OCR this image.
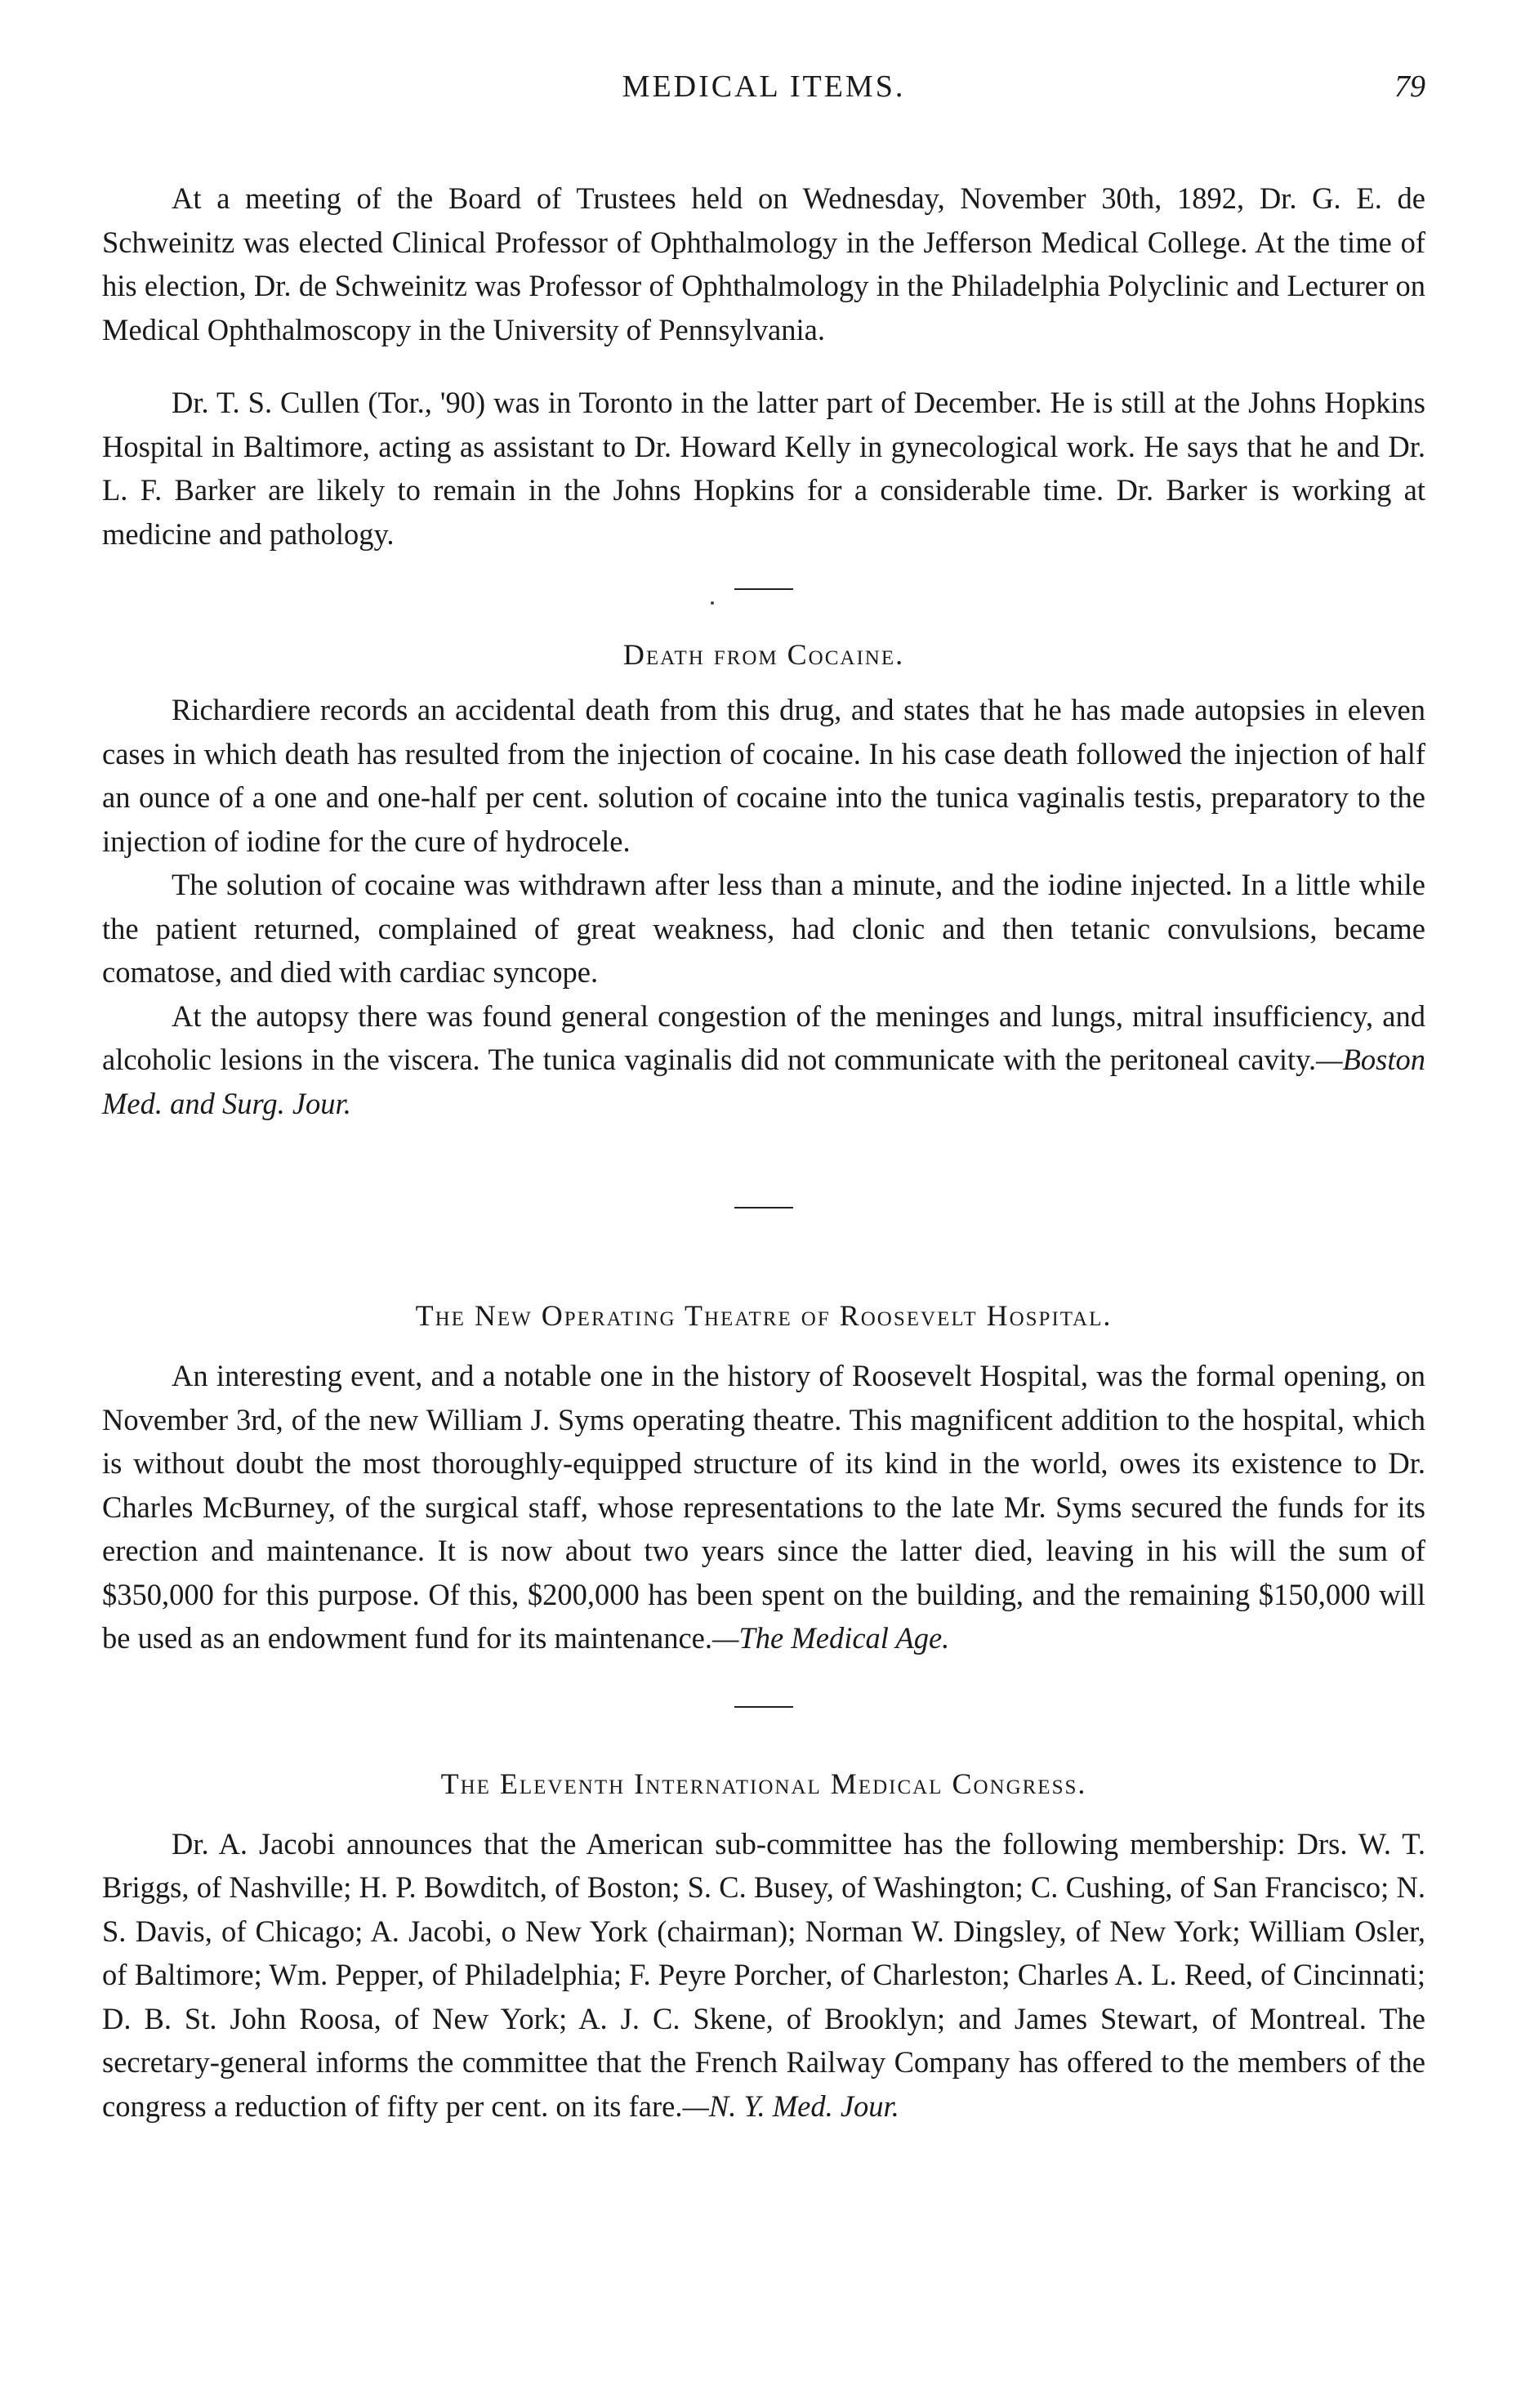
MEDICAL ITEMS.	79

At a meeting of the Board of Trustees held on Wednesday, November 30th, 1892, Dr. G. E. de Schweinitz was elected Clinical Professor of Ophthalmology in the Jefferson Medical College. At the time of his election, Dr. de Schweinitz was Professor of Ophthalmology in the Philadelphia Polyclinic and Lecturer on Medical Ophthalmoscopy in the University of Pennsylvania.

Dr. T. S. Cullen (Tor., '90) was in Toronto in the latter part of December. He is still at the Johns Hopkins Hospital in Baltimore, acting as assistant to Dr. Howard Kelly in gynecological work. He says that he and Dr. L. F. Barker are likely to remain in the Johns Hopkins for a considerable time. Dr. Barker is working at medicine and pathology.

Death from Cocaine.

Richardiere records an accidental death from this drug, and states that he has made autopsies in eleven cases in which death has resulted from the injection of cocaine. In his case death followed the injection of half an ounce of a one and one-half per cent. solution of cocaine into the tunica vaginalis testis, preparatory to the injection of iodine for the cure of hydrocele.

The solution of cocaine was withdrawn after less than a minute, and the iodine injected. In a little while the patient returned, complained of great weakness, had clonic and then tetanic convulsions, became comatose, and died with cardiac syncope.

At the autopsy there was found general congestion of the meninges and lungs, mitral insufficiency, and alcoholic lesions in the viscera. The tunica vaginalis did not communicate with the peritoneal cavity.—Boston Med. and Surg. Jour.

The New Operating Theatre of Roosevelt Hospital.

An interesting event, and a notable one in the history of Roosevelt Hospital, was the formal opening, on November 3rd, of the new William J. Syms operating theatre. This magnificent addition to the hospital, which is without doubt the most thoroughly-equipped structure of its kind in the world, owes its existence to Dr. Charles McBurney, of the surgical staff, whose representations to the late Mr. Syms secured the funds for its erection and maintenance. It is now about two years since the latter died, leaving in his will the sum of $350,000 for this purpose. Of this, $200,000 has been spent on the building, and the remaining $150,000 will be used as an endowment fund for its maintenance.—The Medical Age.

The Eleventh International Medical Congress.

Dr. A. Jacobi announces that the American sub-committee has the following membership: Drs. W. T. Briggs, of Nashville; H. P. Bowditch, of Boston; S. C. Busey, of Washington; C. Cushing, of San Francisco; N. S. Davis, of Chicago; A. Jacobi, o New York (chairman); Norman W. Dingsley, of New York; William Osler, of Baltimore; Wm. Pepper, of Philadelphia; F. Peyre Porcher, of Charleston; Charles A. L. Reed, of Cincinnati; D. B. St. John Roosa, of New York; A. J. C. Skene, of Brooklyn; and James Stewart, of Montreal. The secretary-general informs the committee that the French Railway Company has offered to the members of the congress a reduction of fifty per cent. on its fare.—N. Y. Med. Jour.
